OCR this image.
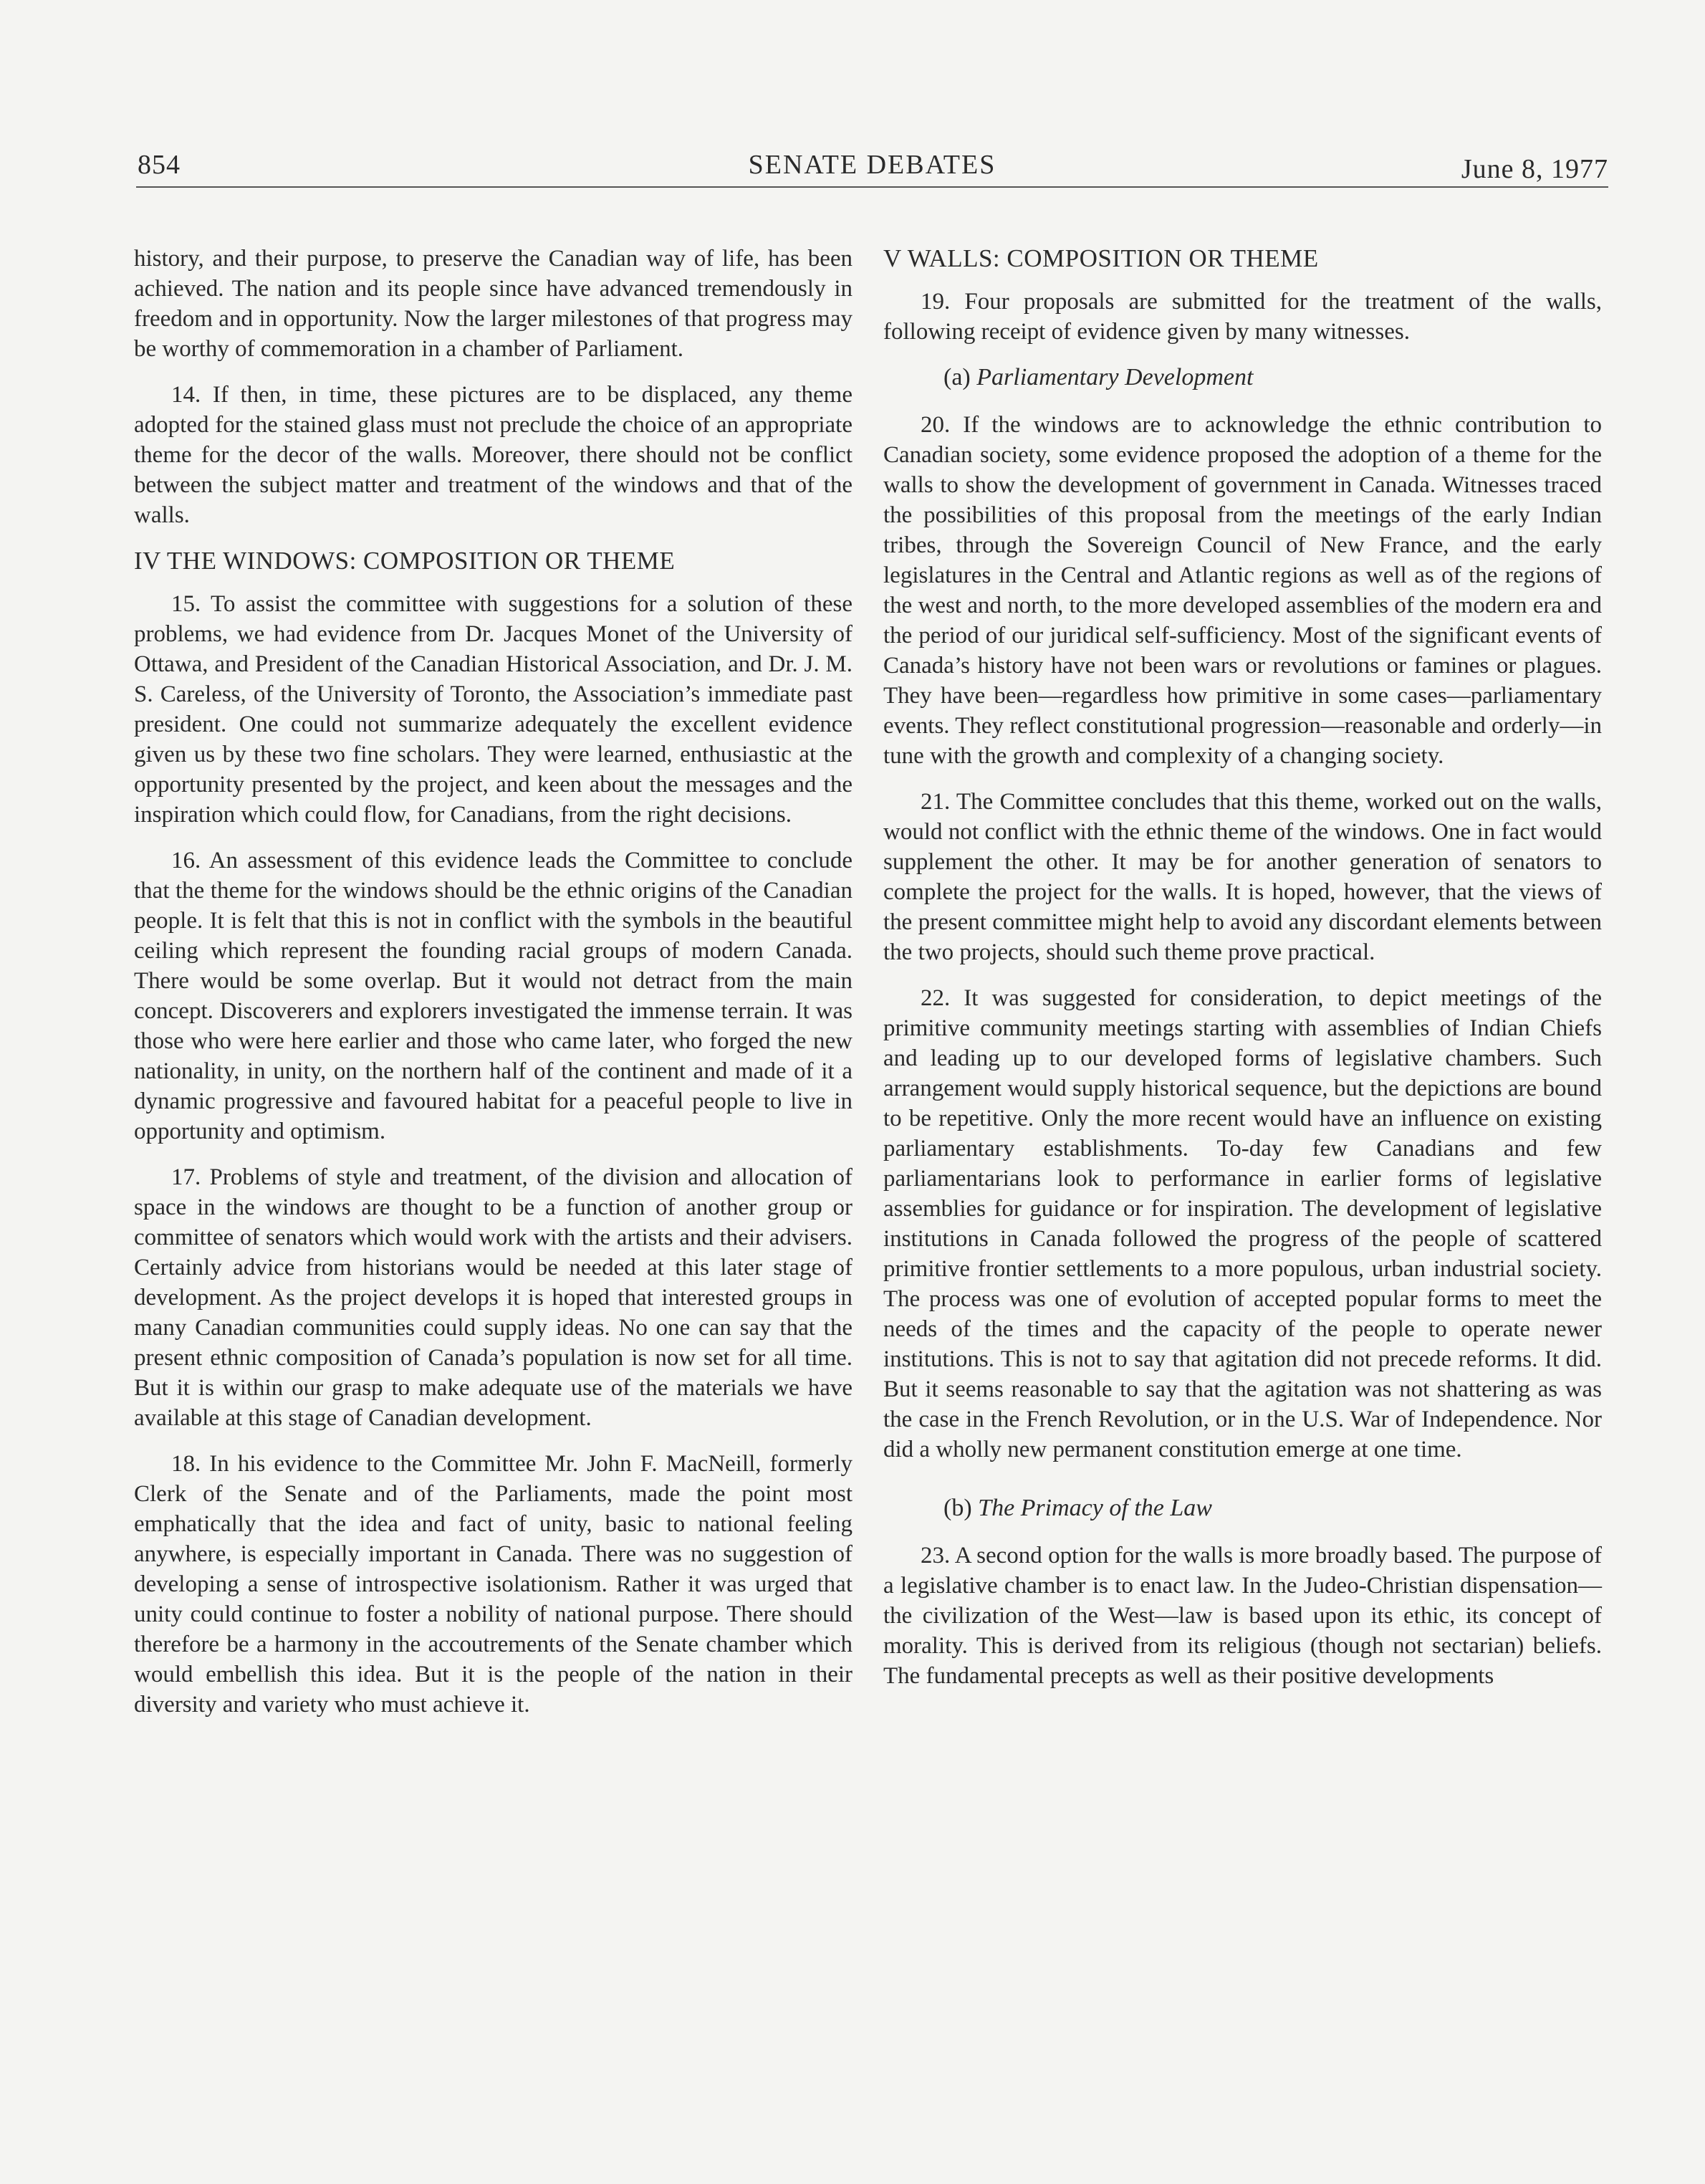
854	SENATE DEBATES	June 8, 1977

history, and their purpose, to preserve the Canadian way of life, has been achieved. The nation and its people since have advanced tremendously in freedom and in opportunity. Now the larger milestones of that progress may be worthy of commemoration in a chamber of Parliament.

14. If then, in time, these pictures are to be displaced, any theme adopted for the stained glass must not preclude the choice of an appropriate theme for the decor of the walls. Moreover, there should not be conflict between the subject matter and treatment of the windows and that of the walls.

IV THE WINDOWS: COMPOSITION OR THEME

15. To assist the committee with suggestions for a solution of these problems, we had evidence from Dr. Jacques Monet of the University of Ottawa, and President of the Canadian Historical Association, and Dr. J. M. S. Careless, of the University of Toronto, the Association’s immediate past president. One could not summarize adequately the excellent evidence given us by these two fine scholars. They were learned, enthusiastic at the opportunity presented by the project, and keen about the messages and the inspiration which could flow, for Canadians, from the right decisions.

16. An assessment of this evidence leads the Committee to conclude that the theme for the windows should be the ethnic origins of the Canadian people. It is felt that this is not in conflict with the symbols in the beautiful ceiling which represent the founding racial groups of modern Canada. There would be some overlap. But it would not detract from the main concept. Discoverers and explorers investigated the immense terrain. It was those who were here earlier and those who came later, who forged the new nationality, in unity, on the northern half of the continent and made of it a dynamic progressive and favoured habitat for a peaceful people to live in opportunity and optimism.

17. Problems of style and treatment, of the division and allocation of space in the windows are thought to be a function of another group or committee of senators which would work with the artists and their advisers. Certainly advice from historians would be needed at this later stage of development. As the project develops it is hoped that interested groups in many Canadian communities could supply ideas. No one can say that the present ethnic composition of Canada’s population is now set for all time. But it is within our grasp to make adequate use of the materials we have available at this stage of Canadian development.

18. In his evidence to the Committee Mr. John F. MacNeill, formerly Clerk of the Senate and of the Parliaments, made the point most emphatically that the idea and fact of unity, basic to national feeling anywhere, is especially important in Canada. There was no suggestion of developing a sense of introspective isolationism. Rather it was urged that unity could continue to foster a nobility of national purpose. There should therefore be a harmony in the accoutrements of the Senate chamber which would embellish this idea. But it is the people of the nation in their diversity and variety who must achieve it.

V WALLS: COMPOSITION OR THEME

19. Four proposals are submitted for the treatment of the walls, following receipt of evidence given by many witnesses.

(a) Parliamentary Development

20. If the windows are to acknowledge the ethnic contribution to Canadian society, some evidence proposed the adoption of a theme for the walls to show the development of government in Canada. Witnesses traced the possibilities of this proposal from the meetings of the early Indian tribes, through the Sovereign Council of New France, and the early legislatures in the Central and Atlantic regions as well as of the regions of the west and north, to the more developed assemblies of the modern era and the period of our juridical self-sufficiency. Most of the significant events of Canada’s history have not been wars or revolutions or famines or plagues. They have been—regardless how primitive in some cases—parliamentary events. They reflect constitutional progression—reasonable and orderly—in tune with the growth and complexity of a changing society.

21. The Committee concludes that this theme, worked out on the walls, would not conflict with the ethnic theme of the windows. One in fact would supplement the other. It may be for another generation of senators to complete the project for the walls. It is hoped, however, that the views of the present committee might help to avoid any discordant elements between the two projects, should such theme prove practical.

22. It was suggested for consideration, to depict meetings of the primitive community meetings starting with assemblies of Indian Chiefs and leading up to our developed forms of legislative chambers. Such arrangement would supply historical sequence, but the depictions are bound to be repetitive. Only the more recent would have an influence on existing parliamentary establishments. To-day few Canadians and few parliamentarians look to performance in earlier forms of legislative assemblies for guidance or for inspiration. The development of legislative institutions in Canada followed the progress of the people of scattered primitive frontier settlements to a more populous, urban industrial society. The process was one of evolution of accepted popular forms to meet the needs of the times and the capacity of the people to operate newer institutions. This is not to say that agitation did not precede reforms. It did. But it seems reasonable to say that the agitation was not shattering as was the case in the French Revolution, or in the U.S. War of Independence. Nor did a wholly new permanent constitution emerge at one time.

(b) The Primacy of the Law

23. A second option for the walls is more broadly based. The purpose of a legislative chamber is to enact law. In the Judeo-Christian dispensation—the civilization of the West—law is based upon its ethic, its concept of morality. This is derived from its religious (though not sectarian) beliefs. The fundamental precepts as well as their positive developments
